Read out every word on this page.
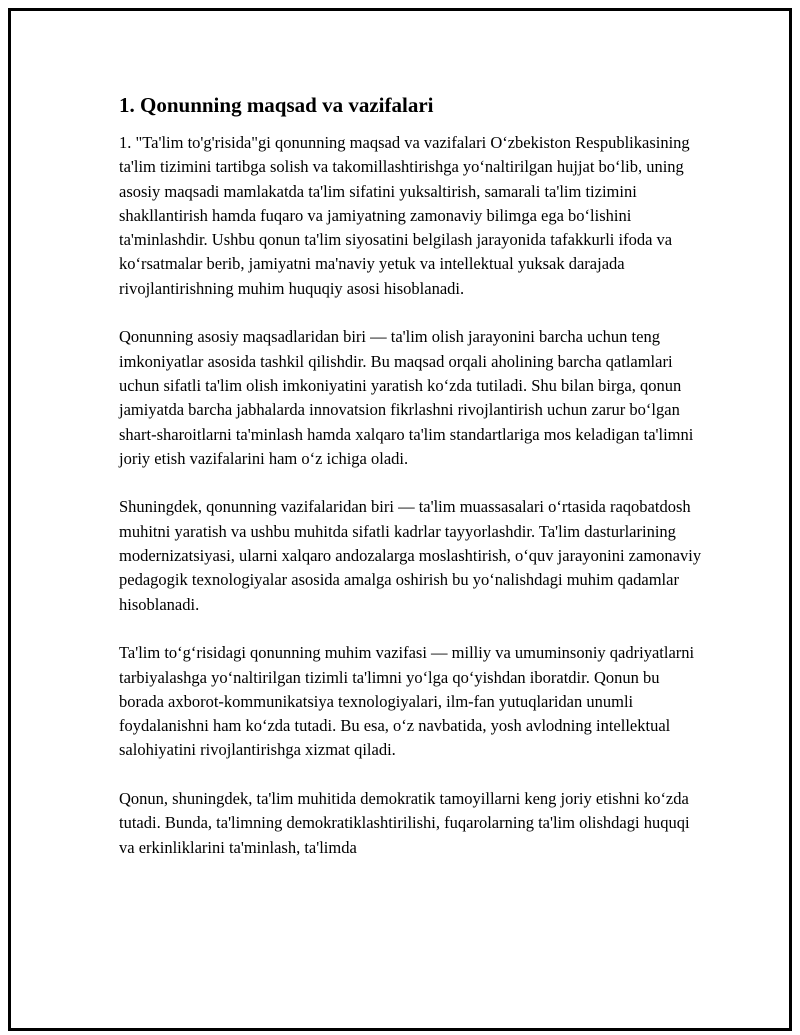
1. Qonunning maqsad va vazifalari

1. "Ta'lim to'g'risida"gi qonunning maqsad va vazifalari O‘zbekiston Respublikasining ta'lim tizimini tartibga solish va takomillashtirishga yo‘naltirilgan hujjat bo‘lib, uning asosiy maqsadi mamlakatda ta'lim sifatini yuksaltirish, samarali ta'lim tizimini shakllantirish hamda fuqaro va jamiyatning zamonaviy bilimga ega bo‘lishini ta'minlashdir. Ushbu qonun ta'lim siyosatini belgilash jarayonida tafakkurli ifoda va ko‘rsatmalar berib, jamiyatni ma'naviy yetuk va intellektual yuksak darajada rivojlantirishning muhim huquqiy asosi hisoblanadi.

Qonunning asosiy maqsadlaridan biri — ta'lim olish jarayonini barcha uchun teng imkoniyatlar asosida tashkil qilishdir. Bu maqsad orqali aholining barcha qatlamlari uchun sifatli ta'lim olish imkoniyatini yaratish ko‘zda tutiladi. Shu bilan birga, qonun jamiyatda barcha jabhalarda innovatsion fikrlashni rivojlantirish uchun zarur bo‘lgan shart-sharoitlarni ta'minlash hamda xalqaro ta'lim standartlariga mos keladigan ta'limni joriy etish vazifalarini ham o‘z ichiga oladi.

Shuningdek, qonunning vazifalaridan biri — ta'lim muassasalari o‘rtasida raqobatdosh muhitni yaratish va ushbu muhitda sifatli kadrlar tayyorlashdir. Ta'lim dasturlarining modernizatsiyasi, ularni xalqaro andozalarga moslashtirish, o‘quv jarayonini zamonaviy pedagogik texnologiyalar asosida amalga oshirish bu yo‘nalishdagi muhim qadamlar hisoblanadi.

Ta'lim to‘g‘risidagi qonunning muhim vazifasi — milliy va umuminsoniy qadriyatlarni tarbiyalashga yo‘naltirilgan tizimli ta'limni yo‘lga qo‘yishdan iboratdir. Qonun bu borada axborot-kommunikatsiya texnologiyalari, ilm-fan yutuqlaridan unumli foydalanishni ham ko‘zda tutadi. Bu esa, o‘z navbatida, yosh avlodning intellektual salohiyatini rivojlantirishga xizmat qiladi.

Qonun, shuningdek, ta'lim muhitida demokratik tamoyillarni keng joriy etishni ko‘zda tutadi. Bunda, ta'limning demokratiklashtirilishi, fuqarolarning ta'lim olishdagi huquqi va erkinliklarini ta'minlash, ta'limda
